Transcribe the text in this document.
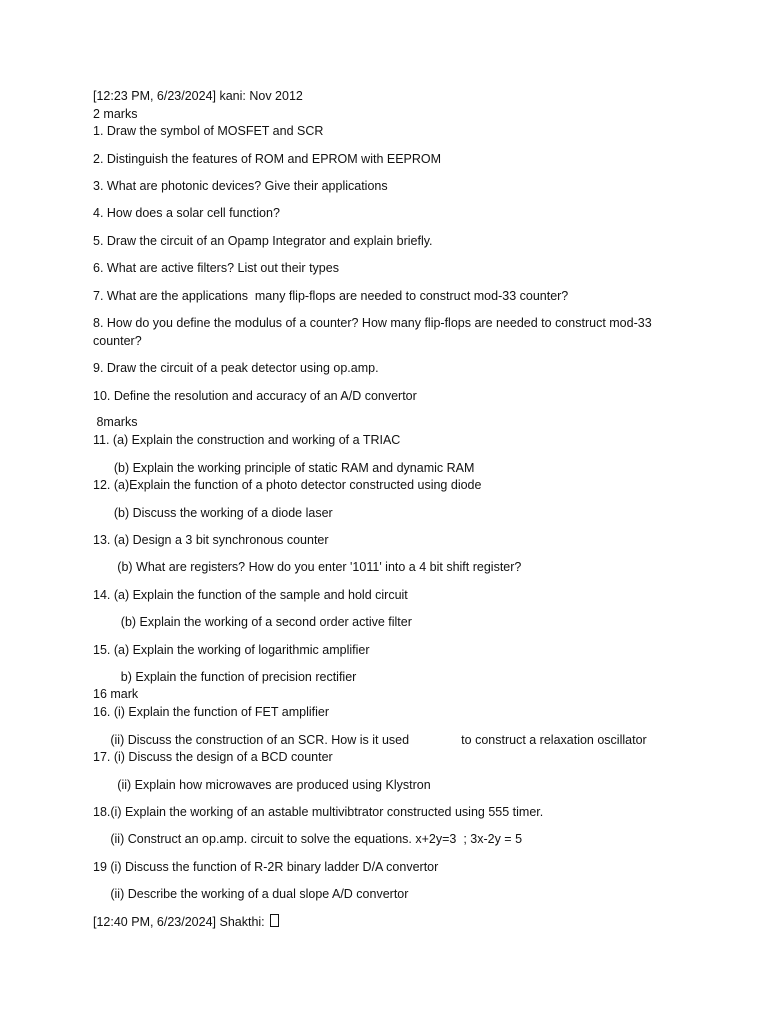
[12:23 PM, 6/23/2024] kani: Nov 2012
2 marks
1. Draw the symbol of MOSFET and SCR
2. Distinguish the features of ROM and EPROM with EEPROM
3. What are photonic devices? Give their applications
4. How does a solar cell function?
5. Draw the circuit of an Opamp Integrator and explain briefly.
6. What are active filters? List out their types
7. What are the applications  many flip-flops are needed to construct mod-33 counter?
8. How do you define the modulus of a counter? How many flip-flops are needed to construct mod-33 counter?
9. Draw the circuit of a peak detector using op.amp.
10. Define the resolution and accuracy of an A/D convertor
8marks
11. (a) Explain the construction and working of a TRIAC
(b) Explain the working principle of static RAM and dynamic RAM
12. (a)Explain the function of a photo detector constructed using diode
(b) Discuss the working of a diode laser
13. (a) Design a 3 bit synchronous counter
(b) What are registers? How do you enter '1011' into a 4 bit shift register?
14. (a) Explain the function of the sample and hold circuit
(b) Explain the working of a second order active filter
15. (a) Explain the working of logarithmic amplifier
b) Explain the function of precision rectifier
16 mark
16. (i) Explain the function of FET amplifier
(ii) Discuss the construction of an SCR. How is it used               to construct a relaxation oscillator
17. (i) Discuss the design of a BCD counter
(ii) Explain how microwaves are produced using Klystron
18.(i) Explain the working of an astable multivibtrator constructed using 555 timer.
(ii) Construct an op.amp. circuit to solve the equations. x+2y=3  ; 3x-2y = 5
19 (i) Discuss the function of R-2R binary ladder D/A convertor
(ii) Describe the working of a dual slope A/D convertor
[12:40 PM, 6/23/2024] Shakthi:
